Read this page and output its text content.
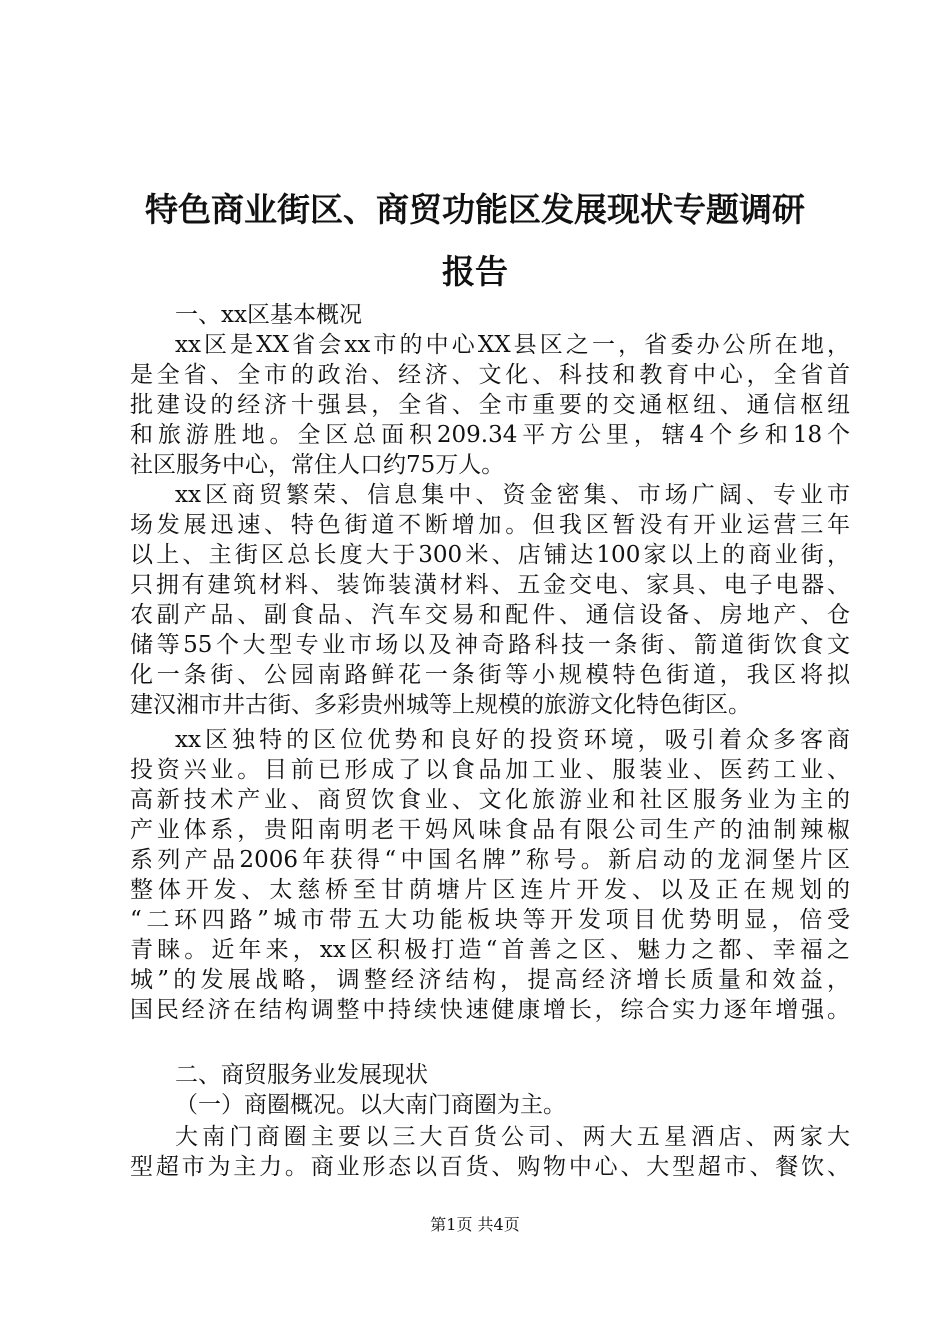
特色商业街区、商贸功能区发展现状专题调研
报告

一、xx区基本概况

xx区是XX省会xx市的中心XX县区之一，省委办公所在地，

是全省、全市的政治、经济、文化、科技和教育中心，全省首

批建设的经济十强县，全省、全市重要的交通枢纽、通信枢纽

和旅游胜地。全区总面积209.34平方公里，辖4个乡和18个

社区服务中心，常住人口约75万人。

xx区商贸繁荣、信息集中、资金密集、市场广阔、专业市

场发展迅速、特色街道不断增加。但我区暂没有开业运营三年

以上、主街区总长度大于300米、店铺达100家以上的商业街，

只拥有建筑材料、装饰装潢材料、五金交电、家具、电子电器、

农副产品、副食品、汽车交易和配件、通信设备、房地产、仓

储等55个大型专业市场以及神奇路科技一条街、箭道街饮食文

化一条街、公园南路鲜花一条街等小规模特色街道，我区将拟

建汉湘市井古街、多彩贵州城等上规模的旅游文化特色街区。

xx区独特的区位优势和良好的投资环境，吸引着众多客商

投资兴业。目前已形成了以食品加工业、服装业、医药工业、

高新技术产业、商贸饮食业、文化旅游业和社区服务业为主的

产业体系，贵阳南明老干妈风味食品有限公司生产的油制辣椒

系列产品2006年获得“中国名牌”称号。新启动的龙洞堡片区

整体开发、太慈桥至甘荫塘片区连片开发、以及正在规划的

“二环四路”城市带五大功能板块等开发项目优势明显，倍受

青睐。近年来，xx区积极打造“首善之区、魅力之都、幸福之

城”的发展战略，调整经济结构，提高经济增长质量和效益，

国民经济在结构调整中持续快速健康增长，综合实力逐年增强。

二、商贸服务业发展现状

（一）商圈概况。以大南门商圈为主。

大南门商圈主要以三大百货公司、两大五星酒店、两家大

型超市为主力。商业形态以百货、购物中心、大型超市、餐饮、

第1页 共4页
